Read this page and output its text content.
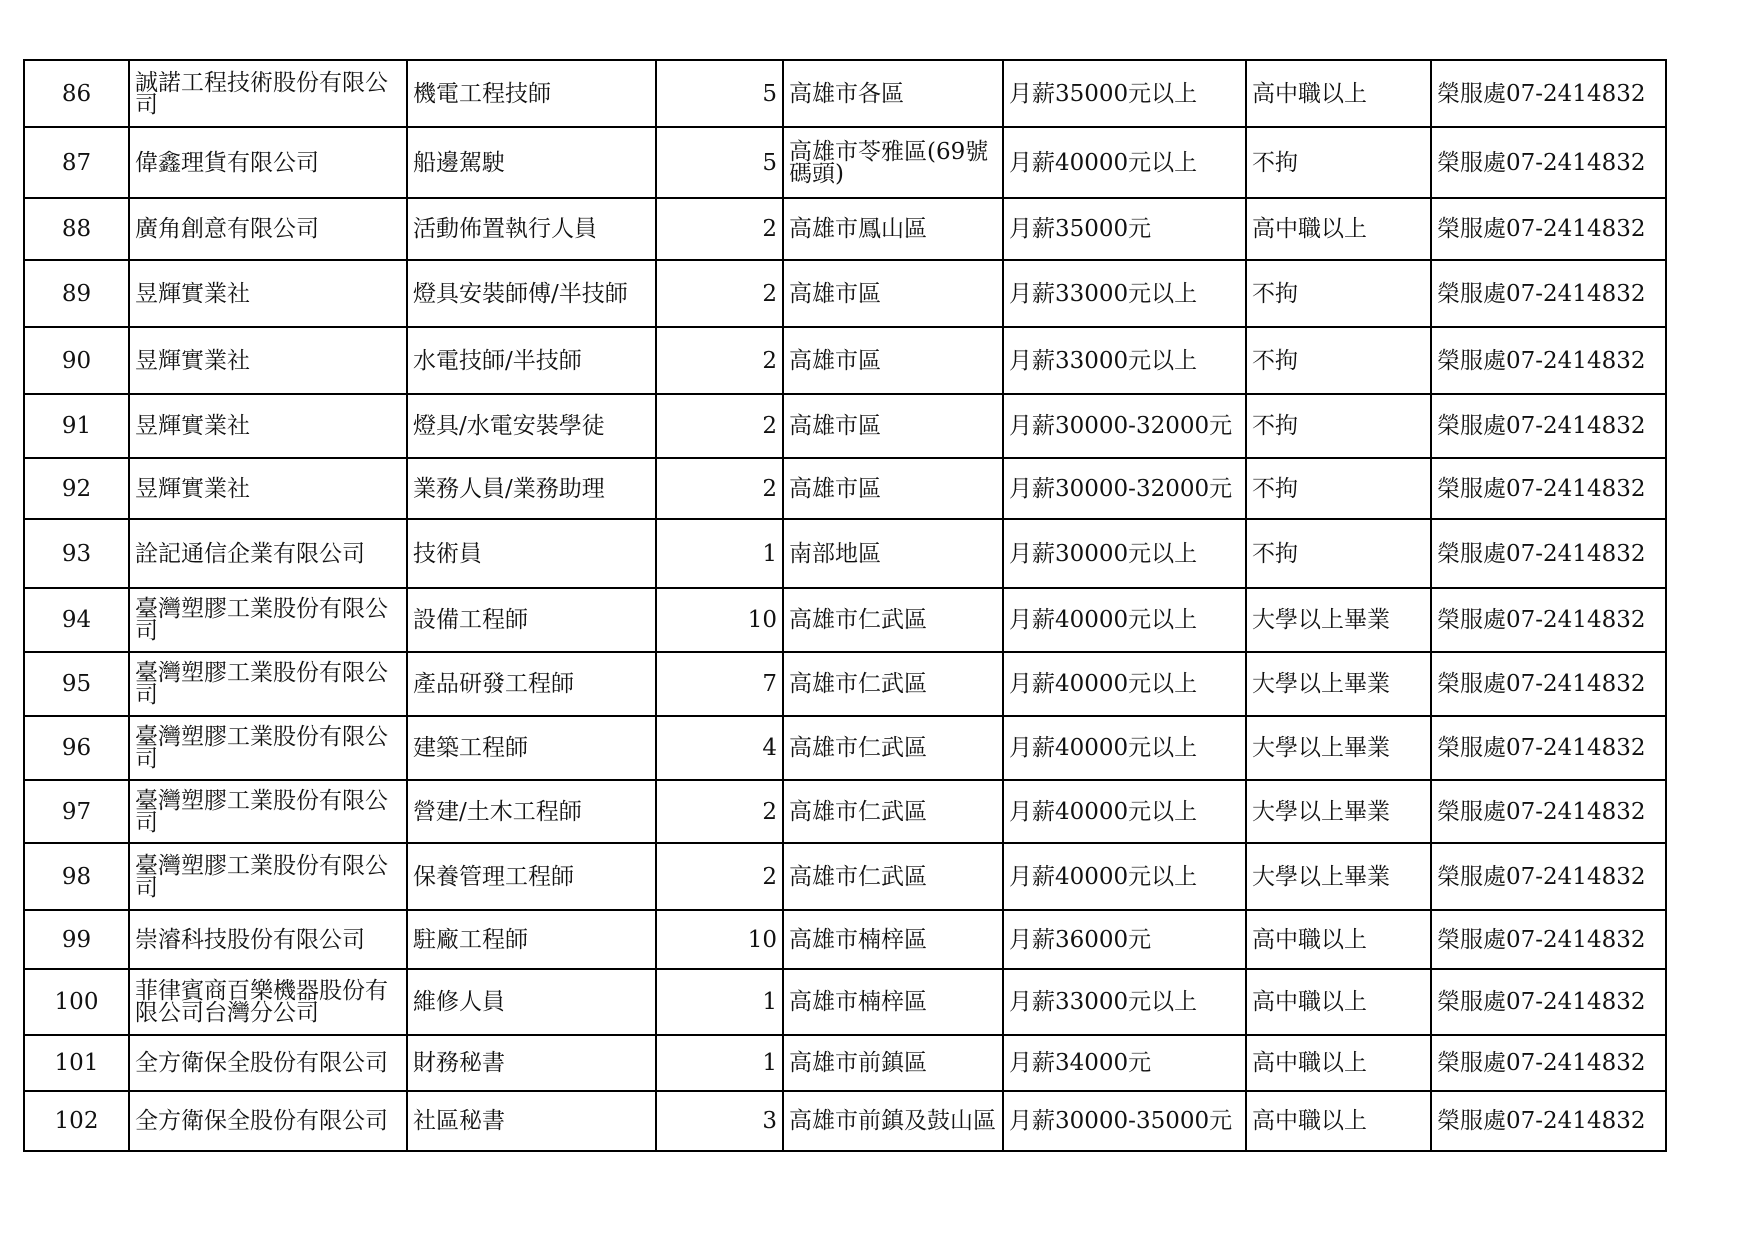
86	誠諾工程技術股份有限公司	機電工程技師	5	高雄市各區	月薪35000元以上	高中職以上	榮服處07-2414832
87	偉鑫理貨有限公司	船邊駕駛	5	高雄市苓雅區(69號碼頭)	月薪40000元以上	不拘	榮服處07-2414832
88	廣角創意有限公司	活動佈置執行人員	2	高雄市鳳山區	月薪35000元	高中職以上	榮服處07-2414832
89	昱輝實業社	燈具安裝師傅/半技師	2	高雄市區	月薪33000元以上	不拘	榮服處07-2414832
90	昱輝實業社	水電技師/半技師	2	高雄市區	月薪33000元以上	不拘	榮服處07-2414832
91	昱輝實業社	燈具/水電安裝學徒	2	高雄市區	月薪30000-32000元	不拘	榮服處07-2414832
92	昱輝實業社	業務人員/業務助理	2	高雄市區	月薪30000-32000元	不拘	榮服處07-2414832
93	詮記通信企業有限公司	技術員	1	南部地區	月薪30000元以上	不拘	榮服處07-2414832
94	臺灣塑膠工業股份有限公司	設備工程師	10	高雄市仁武區	月薪40000元以上	大學以上畢業	榮服處07-2414832
95	臺灣塑膠工業股份有限公司	產品研發工程師	7	高雄市仁武區	月薪40000元以上	大學以上畢業	榮服處07-2414832
96	臺灣塑膠工業股份有限公司	建築工程師	4	高雄市仁武區	月薪40000元以上	大學以上畢業	榮服處07-2414832
97	臺灣塑膠工業股份有限公司	營建/土木工程師	2	高雄市仁武區	月薪40000元以上	大學以上畢業	榮服處07-2414832
98	臺灣塑膠工業股份有限公司	保養管理工程師	2	高雄市仁武區	月薪40000元以上	大學以上畢業	榮服處07-2414832
99	崇濬科技股份有限公司	駐廠工程師	10	高雄市楠梓區	月薪36000元	高中職以上	榮服處07-2414832
100	菲律賓商百樂機器股份有限公司台灣分公司	維修人員	1	高雄市楠梓區	月薪33000元以上	高中職以上	榮服處07-2414832
101	全方衛保全股份有限公司	財務秘書	1	高雄市前鎮區	月薪34000元	高中職以上	榮服處07-2414832
102	全方衛保全股份有限公司	社區秘書	3	高雄市前鎮及鼓山區	月薪30000-35000元	高中職以上	榮服處07-2414832
